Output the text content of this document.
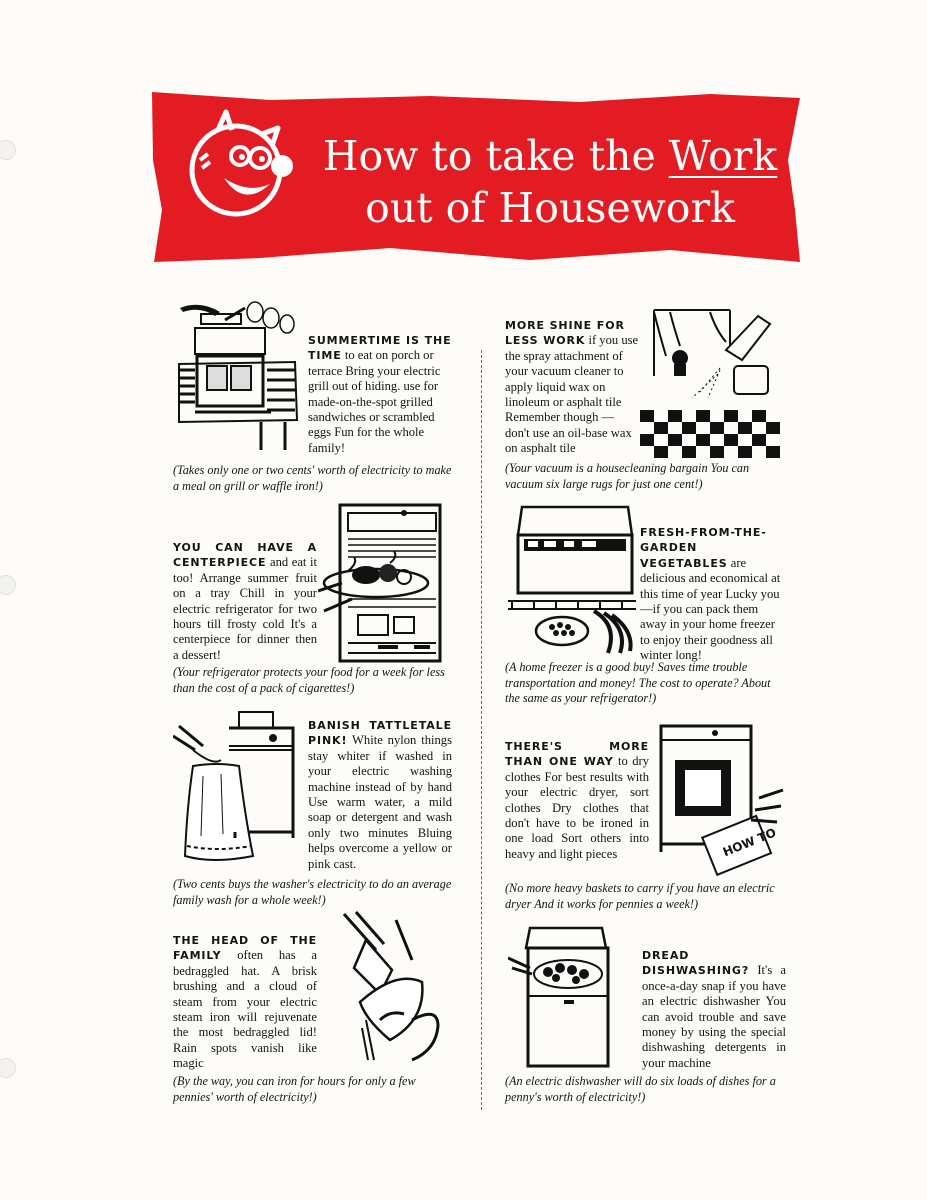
How to take the Work
out of Housework
SUMMERTIME IS THE TIME to eat on porch or terrace Bring your electric grill out of hiding. use for made-on-the-spot grilled sandwiches or scrambled eggs Fun for the whole family!
(Takes only one or two cents' worth of electricity to make a meal on grill or waffle iron!)
MORE SHINE FOR LESS WORK if you use the spray attachment of your vacuum cleaner to apply liquid wax on linoleum or asphalt tile Remember though — don't use an oil-base wax on asphalt tile
(Your vacuum is a housecleaning bargain You can vacuum six large rugs for just one cent!)
YOU CAN HAVE A CENTERPIECE and eat it too! Arrange summer fruit on a tray Chill in your electric refrigerator for two hours till frosty cold It's a centerpiece for dinner then a dessert!
(Your refrigerator protects your food for a week for less than the cost of a pack of cigarettes!)
FRESH-FROM-THE-GARDEN VEGETABLES are delicious and economical at this time of year Lucky you—if you can pack them away in your home freezer to enjoy their goodness all winter long!
(A home freezer is a good buy! Saves time trouble transportation and money! The cost to operate? About the same as your refrigerator!)
BANISH TATTLETALE PINK! White nylon things stay whiter if washed in your electric washing machine instead of by hand Use warm water, a mild soap or detergent and wash only two minutes Bluing helps overcome a yellow or pink cast.
(Two cents buys the washer's electricity to do an average family wash for a whole week!)
THERE'S MORE THAN ONE WAY to dry clothes For best results with your electric dryer, sort clothes Dry clothes that don't have to be ironed in one load Sort others into heavy and light pieces	HOW TO
(No more heavy baskets to carry if you have an electric dryer And it works for pennies a week!)
THE HEAD OF THE FAMILY often has a bedraggled hat. A brisk brushing and a cloud of steam from your electric steam iron will rejuvenate the most bedraggled lid! Rain spots vanish like magic
(By the way, you can iron for hours for only a few pennies' worth of electricity!)
DREAD DISHWASHING? It's a once-a-day snap if you have an electric dishwasher You can avoid trouble and save money by using the special dishwashing detergents in your machine
(An electric dishwasher will do six loads of dishes for a penny's worth of electricity!)
